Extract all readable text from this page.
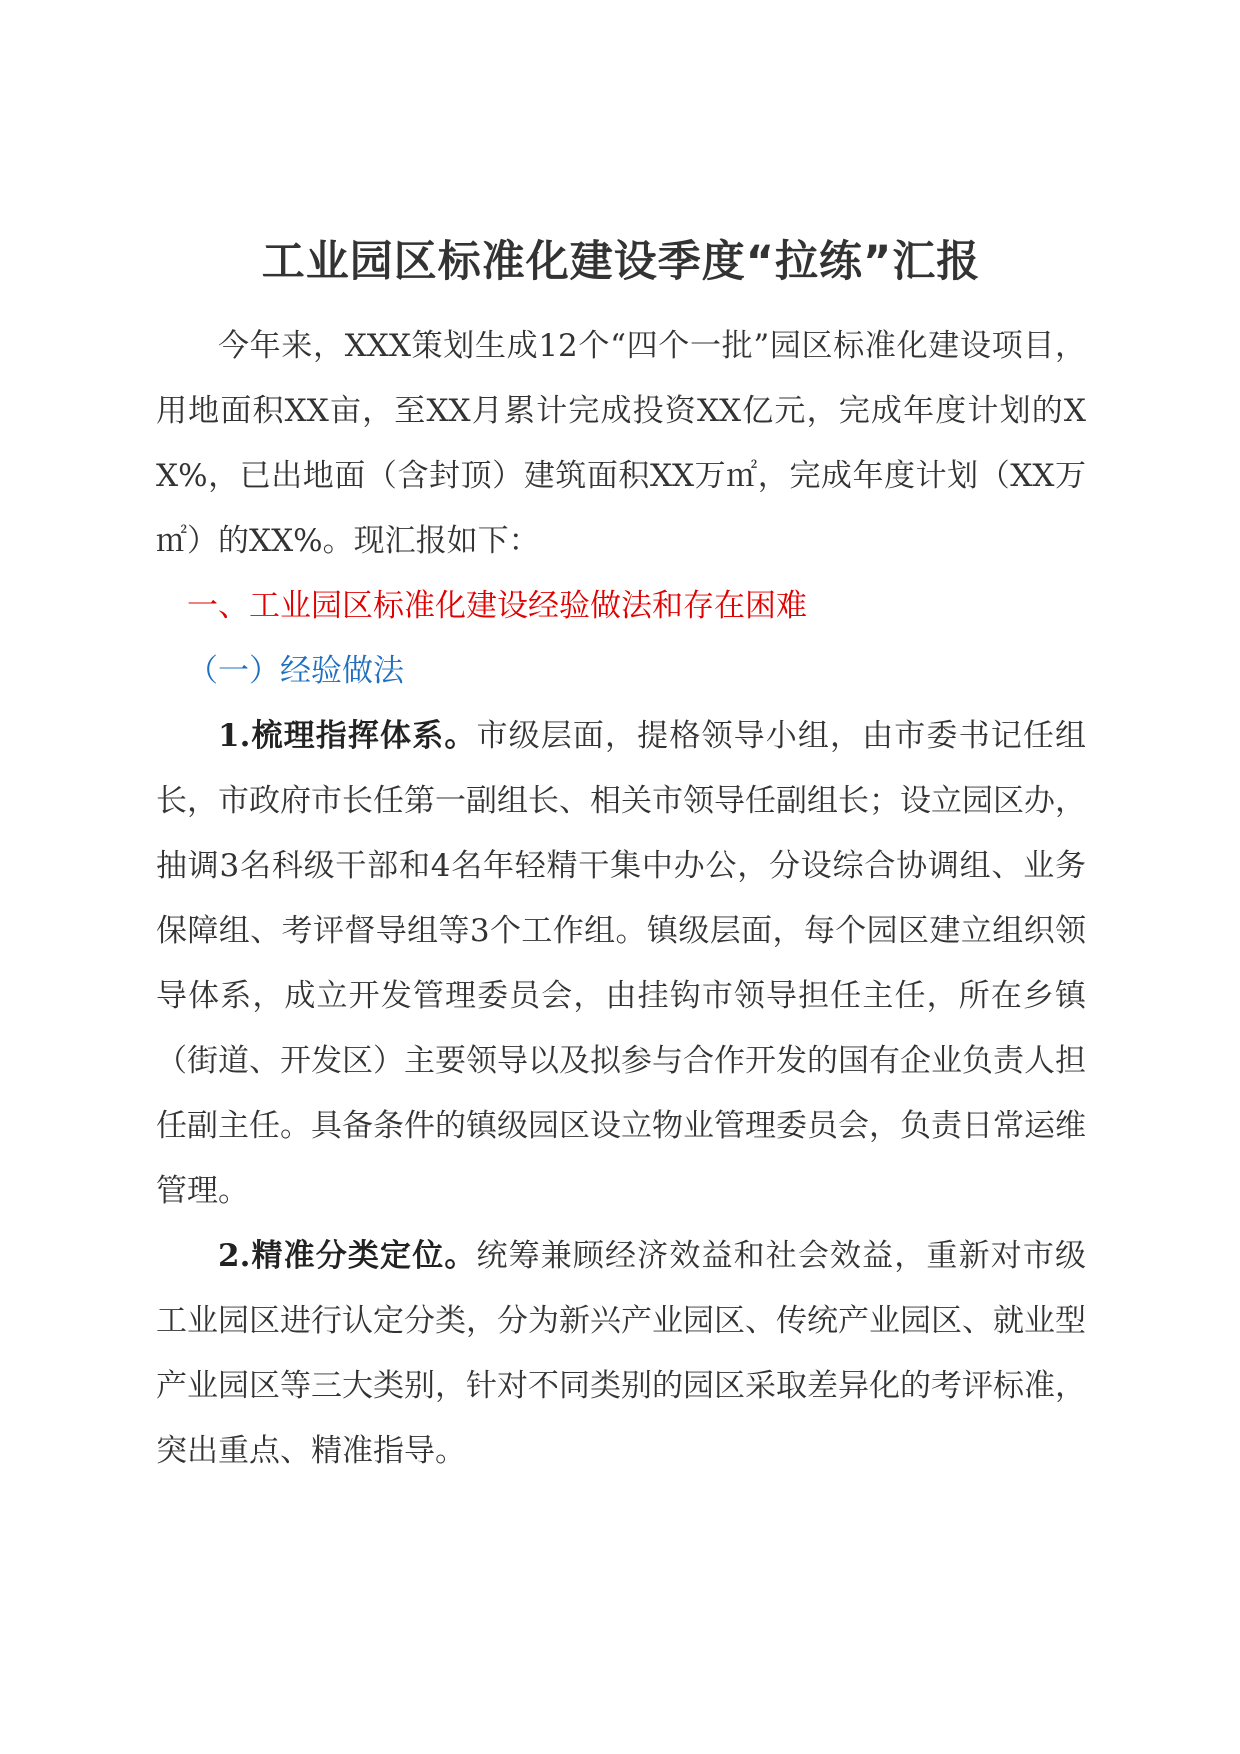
工业园区标准化建设季度“拉练”汇报

今年来，XXX策划生成12个“四个一批”园区标准化建设项目，用地面积XX亩，至XX月累计完成投资XX亿元，完成年度计划的XX%，已出地面（含封顶）建筑面积XX万㎡，完成年度计划（XX万㎡）的XX%。现汇报如下：

一、工业园区标准化建设经验做法和存在困难

（一）经验做法

1.梳理指挥体系。市级层面，提格领导小组，由市委书记任组长，市政府市长任第一副组长、相关市领导任副组长；设立园区办，抽调3名科级干部和4名年轻精干集中办公，分设综合协调组、业务保障组、考评督导组等3个工作组。镇级层面，每个园区建立组织领导体系，成立开发管理委员会，由挂钩市领导担任主任，所在乡镇（街道、开发区）主要领导以及拟参与合作开发的国有企业负责人担任副主任。具备条件的镇级园区设立物业管理委员会，负责日常运维管理。

2.精准分类定位。统筹兼顾经济效益和社会效益，重新对市级工业园区进行认定分类，分为新兴产业园区、传统产业园区、就业型产业园区等三大类别，针对不同类别的园区采取差异化的考评标准，突出重点、精准指导。
